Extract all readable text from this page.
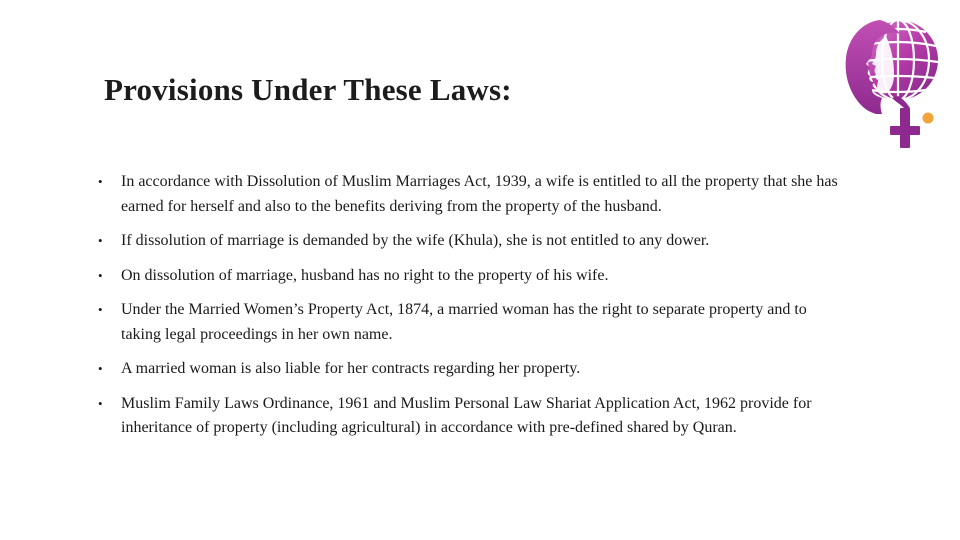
Provisions Under These Laws:
• In accordance with Dissolution of Muslim Marriages Act, 1939, a wife is entitled to all the property that she has earned for herself and also to the benefits deriving from the property of the husband.
• If dissolution of marriage is demanded by the wife (Khula), she is not entitled to any dower.
• On dissolution of marriage, husband has no right to the property of his wife.
• Under the Married Women’s Property Act, 1874, a married woman has the right to separate property and to taking legal proceedings in her own name.
• A married woman is also liable for her contracts regarding her property.
• Muslim Family Laws Ordinance, 1961 and Muslim Personal Law Shariat Application Act, 1962 provide for inheritance of property (including agricultural) in accordance with pre-defined shared by Quran.
